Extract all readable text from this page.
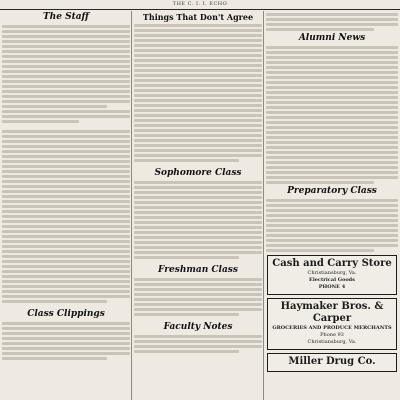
THE C. I. I. ECHO
The Staff
Class Clippings
Things That Don't Agree
Sophomore Class
Freshman Class
Faculty Notes
Alumni News
Preparatory Class
Cash and Carry Store
Christiansburg, Va.
Electrical Goods
PHONE 4
Haymaker Bros. & Carper
GROCERIES AND PRODUCE MERCHANTS
Phone 93
Christiansburg, Va.
Miller Drug Co.
